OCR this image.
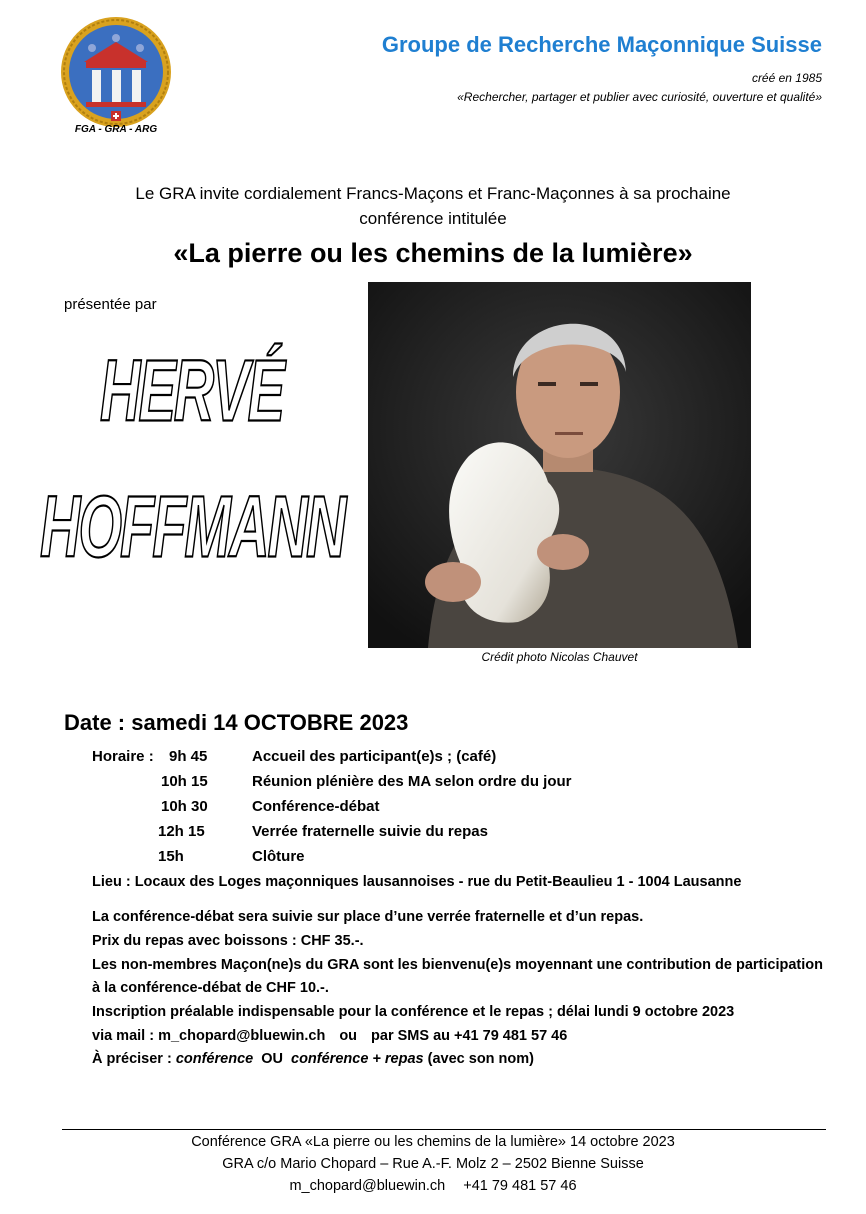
FGA - GRA - ARG
Groupe de Recherche Maçonnique Suisse
créé en 1985
«Rechercher, partager et publier avec curiosité, ouverture et qualité»
Le GRA invite cordialement Francs-Maçons et Franc-Maçonnes à sa prochaine
conférence intitulée
«La pierre ou les chemins de la lumière»
présentée par
HERVÉ
HOFFMANN
Crédit photo Nicolas Chauvet
Date : samedi 14 OCTOBRE 2023
Horaire : 9h 45	Accueil des participant(e)s ; (café)
10h 15	Réunion plénière des MA selon ordre du jour
10h 30	Conférence-débat
12h 15	Verrée fraternelle suivie du repas
15h	Clôture
Lieu : Locaux des Loges maçonniques lausannoises - rue du Petit-Beaulieu 1 - 1004 Lausanne
La conférence-débat sera suivie sur place d’une verrée fraternelle et d’un repas.
Prix du repas avec boissons : CHF 35.-.
Les non-membres Maçon(ne)s du GRA sont les bienvenu(e)s moyennant une contribution de participation
à la conférence-débat de CHF 10.-.
Inscription préalable indispensable pour la conférence et le repas ; délai lundi 9 octobre 2023
via mail : m_chopard@bluewin.ch ou par SMS au +41 79 481 57 46
À préciser : conférence OU conférence + repas (avec son nom)
Conférence GRA «La pierre ou les chemins de la lumière» 14 octobre 2023
GRA c/o Mario Chopard – Rue A.-F. Molz 2 – 2502 Bienne Suisse
m_chopard@bluewin.ch +41 79 481 57 46
